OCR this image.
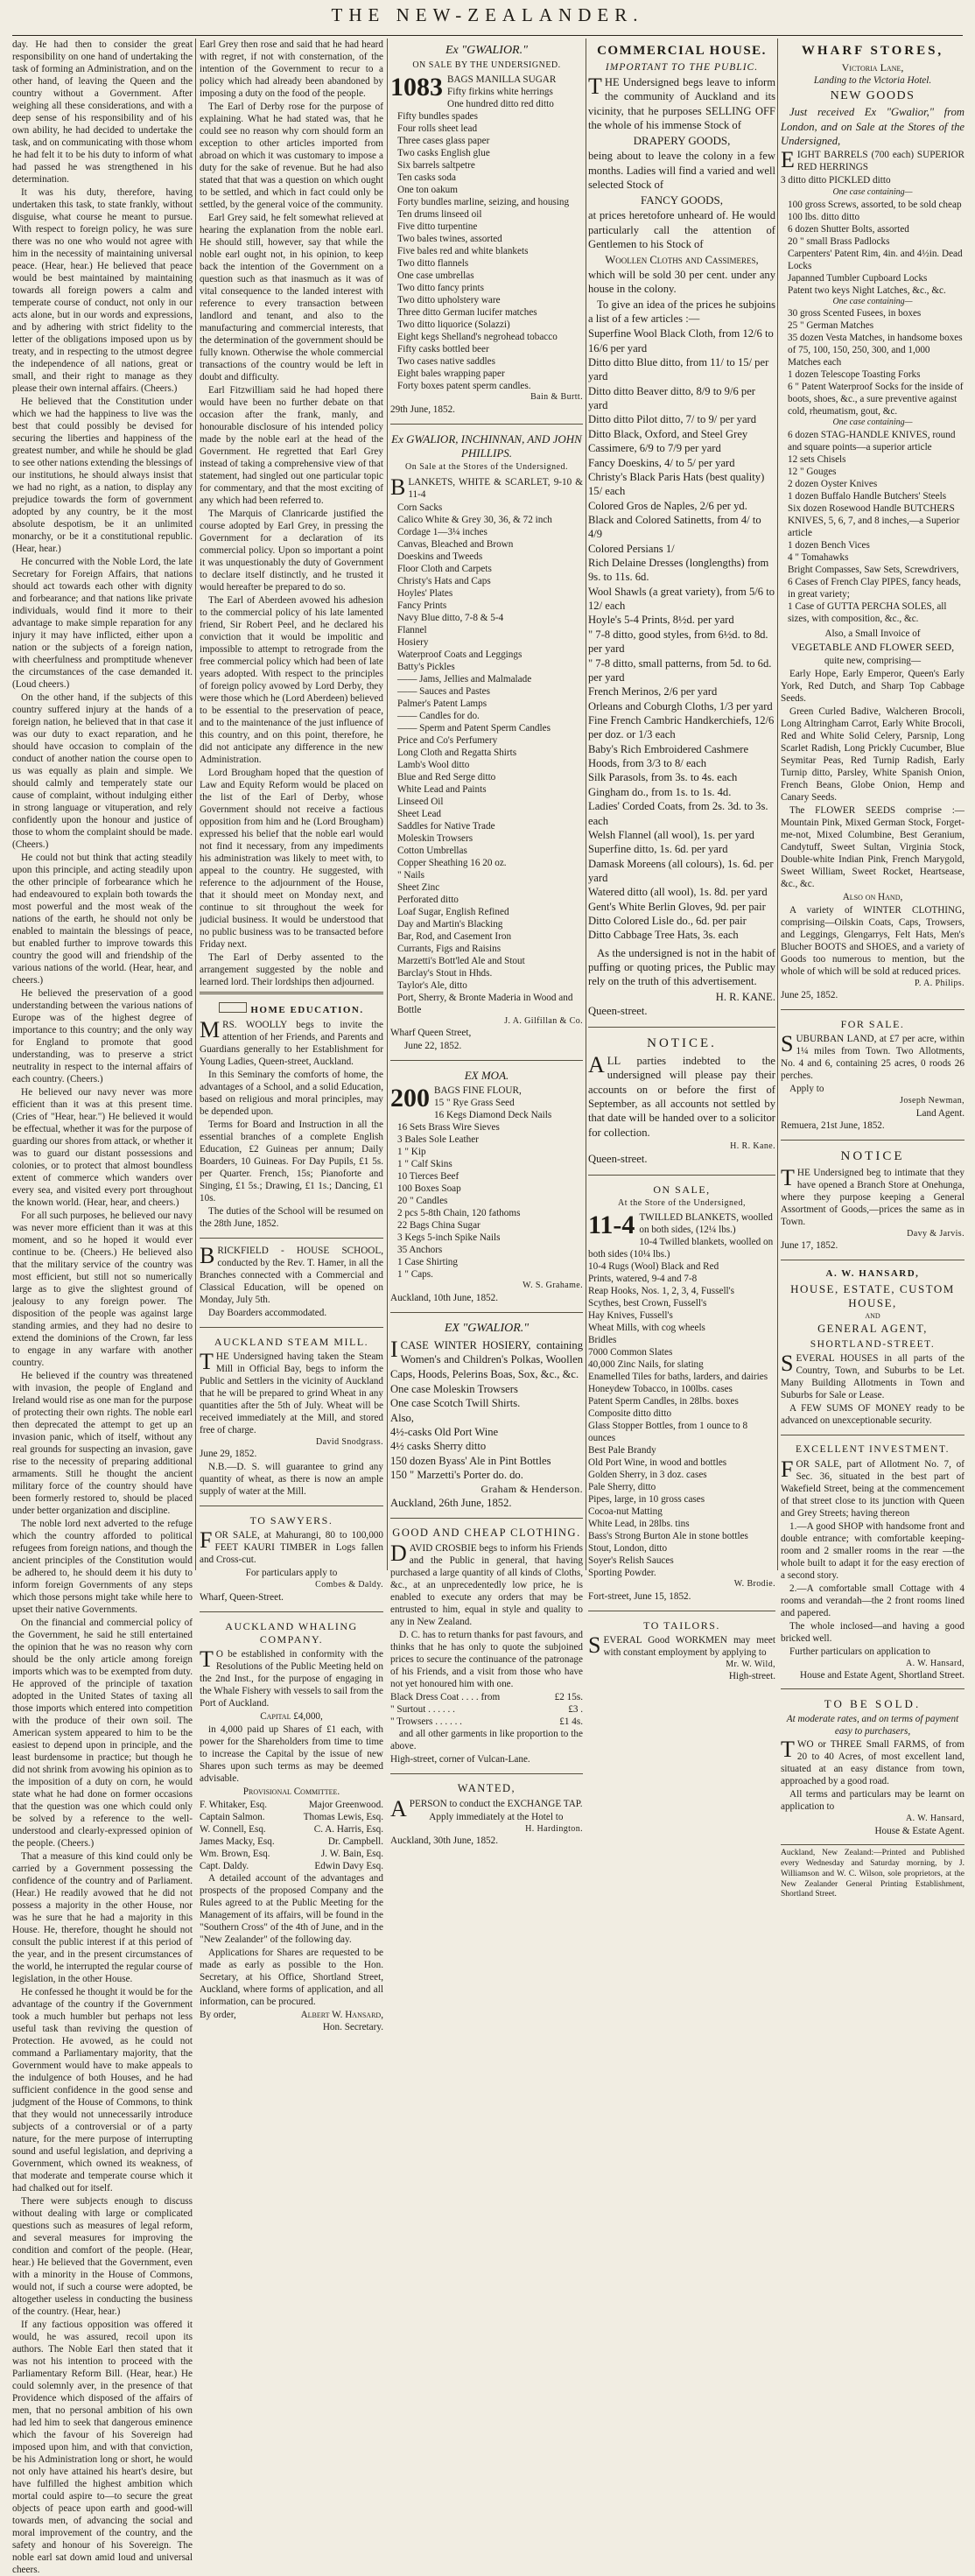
THE NEW-ZEALANDER.

day. He had then to consider the great responsibility on one hand of undertaking the task of forming an Administration, and on the other hand, of leaving the Queen and the country without a Government. After weighing all these considerations, and with a deep sense of his responsibility and of his own ability, he had decided to undertake the task, and on communicating with those whom he had felt it to be his duty to inform of what had passed he was strengthened in his determination.

It was his duty, therefore, having undertaken this task, to state frankly, without disguise, what course he meant to pursue. With respect to foreign policy, he was sure there was no one who would not agree with him in the necessity of maintaining universal peace. (Hear, hear.) He believed that peace would be best maintained by maintaining towards all foreign powers a calm and temperate course of conduct, not only in our acts alone, but in our words and expressions, and by adhering with strict fidelity to the letter of the obligations imposed upon us by treaty, and in respecting to the utmost degree the independence of all nations, great or small, and their right to manage as they please their own internal affairs. (Cheers.)

He believed that the Constitution under which we had the happiness to live was the best that could possibly be devised for securing the liberties and happiness of the greatest number, and while he should be glad to see other nations extending the blessings of our institutions, he should always insist that we had no right, as a nation, to display any prejudice towards the form of government adopted by any country, be it the most absolute despotism, be it an unlimited monarchy, or be it a constitutional republic. (Hear, hear.)

He concurred with the Noble Lord, the late Secretary for Foreign Affairs, that nations should act towards each other with dignity and forbearance; and that nations like private individuals, would find it more to their advantage to make simple reparation for any injury it may have inflicted, either upon a nation or the subjects of a foreign nation, with cheerfulness and promptitude whenever the circumstances of the case demanded it. (Loud cheers.)

On the other hand, if the subjects of this country suffered injury at the hands of a foreign nation, he believed that in that case it was our duty to exact reparation, and he should have occasion to complain of the conduct of another nation the course open to us was equally as plain and simple. We should calmly and temperately state our cause of complaint, without indulging either in strong language or vituperation, and rely confidently upon the honour and justice of those to whom the complaint should be made. (Cheers.)

He could not but think that acting steadily upon this principle, and acting steadily upon the other principle of forbearance which he had endeavoured to explain both towards the most powerful and the most weak of the nations of the earth, he should not only be enabled to maintain the blessings of peace, but enabled further to improve towards this country the good will and friendship of the various nations of the world. (Hear, hear, and cheers.)

He believed the preservation of a good understanding between the various nations of Europe was of the highest degree of importance to this country; and the only way for England to promote that good understanding, was to preserve a strict neutrality in respect to the internal affairs of each country. (Cheers.)

He believed our navy never was more efficient than it was at this present time. (Cries of "Hear, hear.") He believed it would be effectual, whether it was for the purpose of guarding our shores from attack, or whether it was to guard our distant possessions and colonies, or to protect that almost boundless extent of commerce which wanders over every sea, and visited every port throughout the known world. (Hear, hear, and cheers.)

For all such purposes, he believed our navy was never more efficient than it was at this moment, and so he hoped it would ever continue to be. (Cheers.) He believed also that the military service of the country was most efficient, but still not so numerically large as to give the slightest ground of jealousy to any foreign power. The disposition of the people was against large standing armies, and they had no desire to extend the dominions of the Crown, far less to engage in any warfare with another country.

He believed if the country was threatened with invasion, the people of England and Ireland would rise as one man for the purpose of protecting their own rights. The noble earl then deprecated the attempt to get up an invasion panic, which of itself, without any real grounds for suspecting an invasion, gave rise to the necessity of preparing additional armaments. Still he thought the ancient military force of the country should have been formerly restored to, should be placed under better organization and discipline.

The noble lord next adverted to the refuge which the country afforded to political refugees from foreign nations, and though the ancient principles of the Constitution would be adhered to, he should deem it his duty to inform foreign Governments of any steps which those persons might take while here to upset their native Governments.

On the financial and commercial policy of the Government, he said he still entertained the opinion that he was no reason why corn should be the only article among foreign imports which was to be exempted from duty. He approved of the principle of taxation adopted in the United States of taxing all those imports which entered into competition with the produce of their own soil. The American system appeared to him to be the easiest to depend upon in principle, and the least burdensome in practice; but though he did not shrink from avowing his opinion as to the imposition of a duty on corn, he would state what he had done on former occasions that the question was one which could only be solved by a reference to the well-understood and clearly-expressed opinion of the people. (Cheers.)

That a measure of this kind could only be carried by a Government possessing the confidence of the country and of Parliament. (Hear.) He readily avowed that he did not possess a majority in the other House, nor was he sure that he had a majority in this House. He, therefore, thought he should not consult the public interest if at this period of the year, and in the present circumstances of the world, he interrupted the regular course of legislation, in the other House.

He confessed he thought it would be for the advantage of the country if the Government took a much humbler but perhaps not less useful task than reviving the question of Protection. He avowed, as he could not command a Parliamentary majority, that the Government would have to make appeals to the indulgence of both Houses, and he had sufficient confidence in the good sense and judgment of the House of Commons, to think that they would not unnecessarily introduce subjects of a controversial or of a party nature, for the mere purpose of interrupting sound and useful legislation, and depriving a Government, which owned its weakness, of that moderate and temperate course which it had chalked out for itself.

There were subjects enough to discuss without dealing with large or complicated questions such as measures of legal reform, and several measures for improving the condition and comfort of the people. (Hear, hear.) He believed that the Government, even with a minority in the House of Commons, would not, if such a course were adopted, be altogether useless in conducting the business of the country. (Hear, hear.)

If any factious opposition was offered it would, he was assured, recoil upon its authors. The Noble Earl then stated that it was not his intention to proceed with the Parliamentary Reform Bill. (Hear, hear.) He could solemnly aver, in the presence of that Providence which disposed of the affairs of men, that no personal ambition of his own had led him to seek that dangerous eminence which the favour of his Sovereign had imposed upon him, and with that conviction, be his Administration long or short, he would not only have attained his heart's desire, but have fulfilled the highest ambition which mortal could aspire to—to secure the great objects of peace upon earth and good-will towards men, of advancing the social and moral improvement of the country, and the safety and honour of his Sovereign. The noble earl sat down amid loud and universal cheers.

Earl Grey then rose and said that he had heard with regret, if not with consternation, of the intention of the Government to recur to a policy which had already been abandoned by imposing a duty on the food of the people.

The Earl of Derby rose for the purpose of explaining. What he had stated was, that he could see no reason why corn should form an exception to other articles imported from abroad on which it was customary to impose a duty for the sake of revenue. But he had also stated that that was a question on which ought to be settled, and which in fact could only be settled, by the general voice of the community.

Earl Grey said, he felt somewhat relieved at hearing the explanation from the noble earl. He should still, however, say that while the noble earl ought not, in his opinion, to keep back the intention of the Government on a question such as that inasmuch as it was of vital consequence to the landed interest with reference to every transaction between landlord and tenant, and also to the manufacturing and commercial interests, that the determination of the government should be fully known. Otherwise the whole commercial transactions of the country would be left in doubt and difficulty.

Earl Fitzwilliam said he had hoped there would have been no further debate on that occasion after the frank, manly, and honourable disclosure of his intended policy made by the noble earl at the head of the Government. He regretted that Earl Grey instead of taking a comprehensive view of that statement, had singled out one particular topic for commentary, and that the most exciting of any which had been referred to.

The Marquis of Clanricarde justified the course adopted by Earl Grey, in pressing the Government for a declaration of its commercial policy. Upon so important a point it was unquestionably the duty of Government to declare itself distinctly, and he trusted it would hereafter be prepared to do so.

The Earl of Aberdeen avowed his adhesion to the commercial policy of his late lamented friend, Sir Robert Peel, and he declared his conviction that it would be impolitic and impossible to attempt to retrograde from the free commercial policy which had been of late years adopted. With respect to the principles of foreign policy avowed by Lord Derby, they were those which he (Lord Aberdeen) believed to be essential to the preservation of peace, and to the maintenance of the just influence of this country, and on this point, therefore, he did not anticipate any difference in the new Administration.

Lord Brougham hoped that the question of Law and Equity Reform would be placed on the list of the Earl of Derby, whose Government should not receive a factious opposition from him and he (Lord Brougham) expressed his belief that the noble earl would not find it necessary, from any impediments his administration was likely to meet with, to appeal to the country. He suggested, with reference to the adjournment of the House, that it should meet on Monday next, and continue to sit throughout the week for judicial business. It would be understood that no public business was to be transacted before Friday next.

The Earl of Derby assented to the arrangement suggested by the noble and learned lord. Their lordships then adjourned.

HOME EDUCATION.

MRS. WOOLLY begs to invite the attention of her Friends, and Parents and Guardians generally to her Establishment for Young Ladies, Queen-street, Auckland.

In this Seminary the comforts of home, the advantages of a School, and a solid Education, based on religious and moral principles, may be depended upon.

Terms for Board and Instruction in all the essential branches of a complete English Education, £2 Guineas per annum; Daily Boarders, 10 Guineas. For Day Pupils, £1 5s. per Quarter. French, 15s; Pianoforte and Singing, £1 5s.; Drawing, £1 1s.; Dancing, £1 10s.

The duties of the School will be resumed on the 28th June, 1852.

BRICKFIELD - HOUSE SCHOOL, conducted by the Rev. T. Hamer, in all the Branches connected with a Commercial and Classical Education, will be opened on Monday, July 5th.

Day Boarders accommodated.

AUCKLAND STEAM MILL.

THE Undersigned having taken the Steam Mill in Official Bay, begs to inform the Public and Settlers in the vicinity of Auckland that he will be prepared to grind Wheat in any quantities after the 5th of July. Wheat will be received immediately at the Mill, and stored free of charge.

David Snodgrass.

June 29, 1852.

N.B.—D. S. will guarantee to grind any quantity of wheat, as there is now an ample supply of water at the Mill.

TO SAWYERS.

FOR SALE, at Mahurangi, 80 to 100,000 FEET KAURI TIMBER in Logs fallen and Cross-cut.

For particulars apply to

Combes & Daldy.

Wharf, Queen-Street.

AUCKLAND WHALING COMPANY.

T O be established in conformity with the Resolutions of the Public Meeting held on the 2nd Inst., for the purpose of engaging in the Whale Fishery with vessels to sail from the Port of Auckland.

Capital £4,000,

in 4,000 paid up Shares of £1 each, with power for the Shareholders from time to time to increase the Capital by the issue of new Shares upon such terms as may be deemed advisable.

Provisional Committee.

F. Whitaker, Esq.	Major Greenwood.
Captain Salmon.	Thomas Lewis, Esq.
W. Connell, Esq.	C. A. Harris, Esq.
James Macky, Esq.	Dr. Campbell.
Wm. Brown, Esq.	J. W. Bain, Esq.
Capt. Daldy.	Edwin Davy Esq.

A detailed account of the advantages and prospects of the proposed Company and the Rules agreed to at the Public Meeting for the Management of its affairs, will be found in the "Southern Cross" of the 4th of June, and in the "New Zealander" of the following day.

Applications for Shares are requested to be made as early as possible to the Hon. Secretary, at his Office, Shortland Street, Auckland, where forms of application, and all information, can be procured.

By order,	Albert W. Hansard,
Hon. Secretary.
Ex "GWALIOR."
ON SALE BY THE UNDERSIGNED.
1083 BAGS MANILLA SUGAR
Fifty firkins white herrings
One hundred ditto red ditto
Fifty bundles spades
Four rolls sheet lead
Three cases glass paper
Two casks English glue
Six barrels saltpetre
Ten casks soda
One ton oakum
Forty bundles marline, seizing, and housing
Ten drums linseed oil
Five ditto turpentine
Two bales twines, assorted
Five bales red and white blankets
Two ditto flannels
One case umbrellas
Two ditto fancy prints
Two ditto upholstery ware
Three ditto German lucifer matches
Two ditto liquorice (Solazzi)
Eight kegs Shelland's negrohead tobacco
Fifty casks bottled beer
Two cases native saddles
Eight bales wrapping paper
Forty boxes patent sperm candles.
Bain & Burtt.

29th June, 1852.

Ex GWALIOR, INCHINNAN, AND JOHN PHILLIPS.
On Sale at the Stores of the Undersigned.

BLANKETS, WHITE & SCARLET, 9-10 & 11-4

Corn Sacks
Calico White & Grey 30, 36, & 72 inch
Cordage 1—3¼ inches
Canvas, Bleached and Brown
Doeskins and Tweeds
Floor Cloth and Carpets
Christy's Hats and Caps
Hoyles' Plates
Fancy Prints
Navy Blue ditto, 7-8 & 5-4
Flannel
Hosiery
Waterproof Coats and Leggings
Batty's Pickles
—— Jams, Jellies and Malmalade
—— Sauces and Pastes
Palmer's Patent Lamps
—— Candles for do.
—— Sperm and Patent Sperm Candles
Price and Co's Perfumery
Long Cloth and Regatta Shirts
Lamb's Wool ditto
Blue and Red Serge ditto
White Lead and Paints
Linseed Oil
Sheet Lead
Saddles for Native Trade
Moleskin Trowsers
Cotton Umbrellas
Copper Sheathing 16 20 oz.
" Nails
Sheet Zinc
Perforated ditto
Loaf Sugar, English Refined
Day and Martin's Blacking
Bar, Rod, and Casement Iron
Currants, Figs and Raisins
Marzetti's Bott'led Ale and Stout
Barclay's Stout in Hhds.
Taylor's Ale, ditto
Port, Sherry, & Bronte Maderia in Wood and Bottle
J. A. Gilfillan & Co.

Wharf Queen Street,

June 22, 1852.

EX MOA.
200 BAGS FINE FLOUR,
15 " Rye Grass Seed
16 Kegs Diamond Deck Nails
16 Sets Brass Wire Sieves
3 Bales Sole Leather
1 " Kip
1 " Calf Skins
10 Tierces Beef
100 Boxes Soap
20 " Candles
2 pcs 5-8th Chain, 120 fathoms
22 Bags China Sugar
3 Kegs 5-inch Spike Nails
35 Anchors
1 Case Shirting
1 " Caps.
W. S. Grahame.

Auckland, 10th June, 1852.

EX "GWALIOR."

ICASE WINTER HOSIERY, containing Women's and Children's Polkas, Woollen Caps, Hoods, Pelerins Boas, Sox, &c., &c.

One case Moleskin Trowsers
One case Scotch Twill Shirts.
Also,
4½-casks Old Port Wine
4½ casks Sherry ditto
150 dozen Byass' Ale in Pint Bottles
150 " Marzetti's Porter do. do.
Graham & Henderson.

Auckland, 26th June, 1852.

GOOD AND CHEAP CLOTHING.

DAVID CROSBIE begs to inform his Friends and the Public in general, that having purchased a large quantity of all kinds of Cloths, &c., at an unprecedentedly low price, he is enabled to execute any orders that may be entrusted to him, equal in style and quality to any in New Zealand.

D. C. has to return thanks for past favours, and thinks that he has only to quote the subjoined prices to secure the continuance of the patronage of his Friends, and a visit from those who have not yet honoured him with one.

Black Dress Coat . . . . from	£2 15s.
" Surtout . . . . . .	£3 .
" Trowsers . . . . . .	£1 4s.

and all other garments in like proportion to the above.

High-street, corner of Vulcan-Lane.

WANTED,

APERSON to conduct the EXCHANGE TAP.

Apply immediately at the Hotel to

H. Hardington.

Auckland, 30th June, 1852.

COMMERCIAL HOUSE.
IMPORTANT TO THE PUBLIC.

THE Undersigned begs leave to inform the community of Auckland and its vicinity, that he purposes SELLING OFF the whole of his immense Stock of

DRAPERY GOODS,

being about to leave the colony in a few months. Ladies will find a varied and well selected Stock of

FANCY GOODS,

at prices heretofore unheard of. He would particularly call the attention of Gentlemen to his Stock of

Woollen Cloths and Cassimeres,

which will be sold 30 per cent. under any house in the colony.

To give an idea of the prices he subjoins a list of a few articles :—

Superfine Wool Black Cloth, from 12/6 to 16/6 per yard
Ditto ditto Blue ditto, from 11/ to 15/ per yard
Ditto ditto Beaver ditto, 8/9 to 9/6 per yard
Ditto ditto Pilot ditto, 7/ to 9/ per yard
Ditto Black, Oxford, and Steel Grey Cassimere, 6/9 to 7/9 per yard
Fancy Doeskins, 4/ to 5/ per yard
Christy's Black Paris Hats (best quality) 15/ each
Colored Gros de Naples, 2/6 per yd.
Black and Colored Satinetts, from 4/ to 4/9
Colored Persians 1/
Rich Delaine Dresses (longlengths) from 9s. to 11s. 6d.
Wool Shawls (a great variety), from 5/6 to 12/ each
Hoyle's 5-4 Prints, 8½d. per yard
" 7-8 ditto, good styles, from 6½d. to 8d. per yard
" 7-8 ditto, small patterns, from 5d. to 6d. per yard
French Merinos, 2/6 per yard
Orleans and Coburgh Cloths, 1/3 per yard
Fine French Cambric Handkerchiefs, 12/6 per doz. or 1/3 each
Baby's Rich Embroidered Cashmere Hoods, from 3/3 to 8/ each
Silk Parasols, from 3s. to 4s. each
Gingham do., from 1s. to 1s. 4d.
Ladies' Corded Coats, from 2s. 3d. to 3s. each
Welsh Flannel (all wool), 1s. per yard
Superfine ditto, 1s. 6d. per yard
Damask Moreens (all colours), 1s. 6d. per yard
Watered ditto (all wool), 1s. 8d. per yard
Gent's White Berlin Gloves, 9d. per pair
Ditto Colored Lisle do., 6d. per pair
Ditto Cabbage Tree Hats, 3s. each

As the undersigned is not in the habit of puffing or quoting prices, the Public may rely on the truth of this advertisement.

H. R. KANE.

Queen-street.

NOTICE.

ALL parties indebted to the undersigned will please pay their accounts on or before the first of September, as all accounts not settled by that date will be handed over to a solicitor for collection.

H. R. Kane.

Queen-street.

ON SALE,
At the Store of the Undersigned,
11-4 TWILLED BLANKETS, woolled on both sides, (12¼ lbs.)
10-4 Twilled blankets, woolled on both sides (10¼ lbs.)
10-4 Rugs (Wool) Black and Red
Prints, watered, 9-4 and 7-8
Reap Hooks, Nos. 1, 2, 3, 4, Fussell's
Scythes, best Crown, Fussell's
Hay Knives, Fussell's
Wheat Mills, with cog wheels
Bridles
7000 Common Slates
40,000 Zinc Nails, for slating
Enamelled Tiles for baths, larders, and dairies
Honeydew Tobacco, in 100lbs. cases
Patent Sperm Candles, in 28lbs. boxes
Composite ditto ditto
Glass Stopper Bottles, from 1 ounce to 8 ounces
Best Pale Brandy
Old Port Wine, in wood and bottles
Golden Sherry, in 3 doz. cases
Pale Sherry, ditto
Pipes, large, in 10 gross cases
Cocoa-nut Matting
White Lead, in 28lbs. tins
Bass's Strong Burton Ale in stone bottles
Stout, London, ditto
Soyer's Relish Sauces
Sporting Powder.
W. Brodie.

Fort-street, June 15, 1852.

TO TAILORS.

SEVERAL Good WORKMEN may meet with constant employment by applying to

Mr. W. Wild,
High-street.
WHARF STORES,
Victoria Lane,
Landing to the Victoria Hotel.
NEW GOODS

Just received Ex "Gwalior," from London, and on Sale at the Stores of the Undersigned,

EIGHT BARRELS (700 each) SUPERIOR RED HERRINGS

3 ditto ditto PICKLED ditto

One case containing—
100 gross Screws, assorted, to be sold cheap
100 lbs. ditto ditto
6 dozen Shutter Bolts, assorted
20 " small Brass Padlocks
Carpenters' Patent Rim, 4in. and 4½in. Dead Locks
Japanned Tumbler Cupboard Locks
Patent two keys Night Latches, &c., &c.
One case containing—
30 gross Scented Fusees, in boxes
25 " German Matches
35 dozen Vesta Matches, in handsome boxes of 75, 100, 150, 250, 300, and 1,000 Matches each
1 dozen Telescope Toasting Forks
6 " Patent Waterproof Socks for the inside of boots, shoes, &c., a sure preventive against cold, rheumatism, gout, &c.
One case containing—
6 dozen STAG-HANDLE KNIVES, round and square points—a superior article
12 sets Chisels
12 " Gouges
2 dozen Oyster Knives
1 dozen Buffalo Handle Butchers' Steels
Six dozen Rosewood Handle BUTCHERS KNIVES, 5, 6, 7, and 8 inches,—a Superior article
1 dozen Bench Vices
4 " Tomahawks
Bright Compasses, Saw Sets, Screwdrivers,
6 Cases of French Clay PIPES, fancy heads, in great variety;
1 Case of GUTTA PERCHA SOLES, all sizes, with composition, &c., &c.

Also, a Small Invoice of

VEGETABLE AND FLOWER SEED,

quite new, comprising—

Early Hope, Early Emperor, Queen's Early York, Red Dutch, and Sharp Top Cabbage Seeds.

Green Curled Badive, Walcheren Brocoli, Long Altringham Carrot, Early White Brocoli, Red and White Solid Celery, Parsnip, Long Scarlet Radish, Long Prickly Cucumber, Blue Seymitar Peas, Red Turnip Radish, Early Turnip ditto, Parsley, White Spanish Onion, French Beans, Globe Onion, Hemp and Canary Seeds.

The FLOWER SEEDS comprise :—Mountain Pink, Mixed German Stock, Forget-me-not, Mixed Columbine, Best Geranium, Candytuff, Sweet Sultan, Virginia Stock, Double-white Indian Pink, French Marygold, Sweet William, Sweet Rocket, Heartsease, &c., &c.

Also on Hand,

A variety of WINTER CLOTHING, comprising—Oilskin Coats, Caps, Trowsers, and Leggings, Glengarrys, Felt Hats, Men's Blucher BOOTS and SHOES, and a variety of Goods too numerous to mention, but the whole of which will be sold at reduced prices.

P. A. Philips.

June 25, 1852.

FOR SALE.

SUBURBAN LAND, at £7 per acre, within 1¼ miles from Town. Two Allotments, No. 4 and 6, containing 25 acres, 0 roods 26 perches.

Apply to

Joseph Newman,
Land Agent.

Remuera, 21st June, 1852.

NOTICE

THE Undersigned beg to intimate that they have opened a Branch Store at Onehunga, where they purpose keeping a General Assortment of Goods,—prices the same as in Town.

Davy & Jarvis.

June 17, 1852.

A. W. HANSARD,
HOUSE, ESTATE, CUSTOM HOUSE,
AND
GENERAL AGENT,
SHORTLAND-STREET.

SEVERAL HOUSES in all parts of the Country, Town, and Suburbs to be Let. Many Building Allotments in Town and Suburbs for Sale or Lease.

A FEW SUMS OF MONEY ready to be advanced on unexceptionable security.

EXCELLENT INVESTMENT.

FOR SALE, part of Allotment No. 7, of Sec. 36, situated in the best part of Wakefield Street, being at the commencement of that street close to its junction with Queen and Grey Streets; having thereon

1.—A good SHOP with handsome front and double entrance; with comfortable keeping-room and 2 smaller rooms in the rear —the whole built to adapt it for the easy erection of a second story.

2.—A comfortable small Cottage with 4 rooms and verandah—the 2 front rooms lined and papered.

The whole inclosed—and having a good bricked well.

Further particulars on application to

A. W. Hansard,
House and Estate Agent, Shortland Street.
TO BE SOLD.

At moderate rates, and on terms of payment easy to purchasers,

TWO or THREE Small FARMS, of from 20 to 40 Acres, of most excellent land, situated at an easy distance from town, approached by a good road.

All terms and particulars may be learnt on application to

A. W. Hansard,
House & Estate Agent.

Auckland, New Zealand:—Printed and Published every Wednesday and Saturday morning, by J. Williamson and W. C. Wilson, sole proprietors, at the New Zealander General Printing Establishment, Shortland Street.
